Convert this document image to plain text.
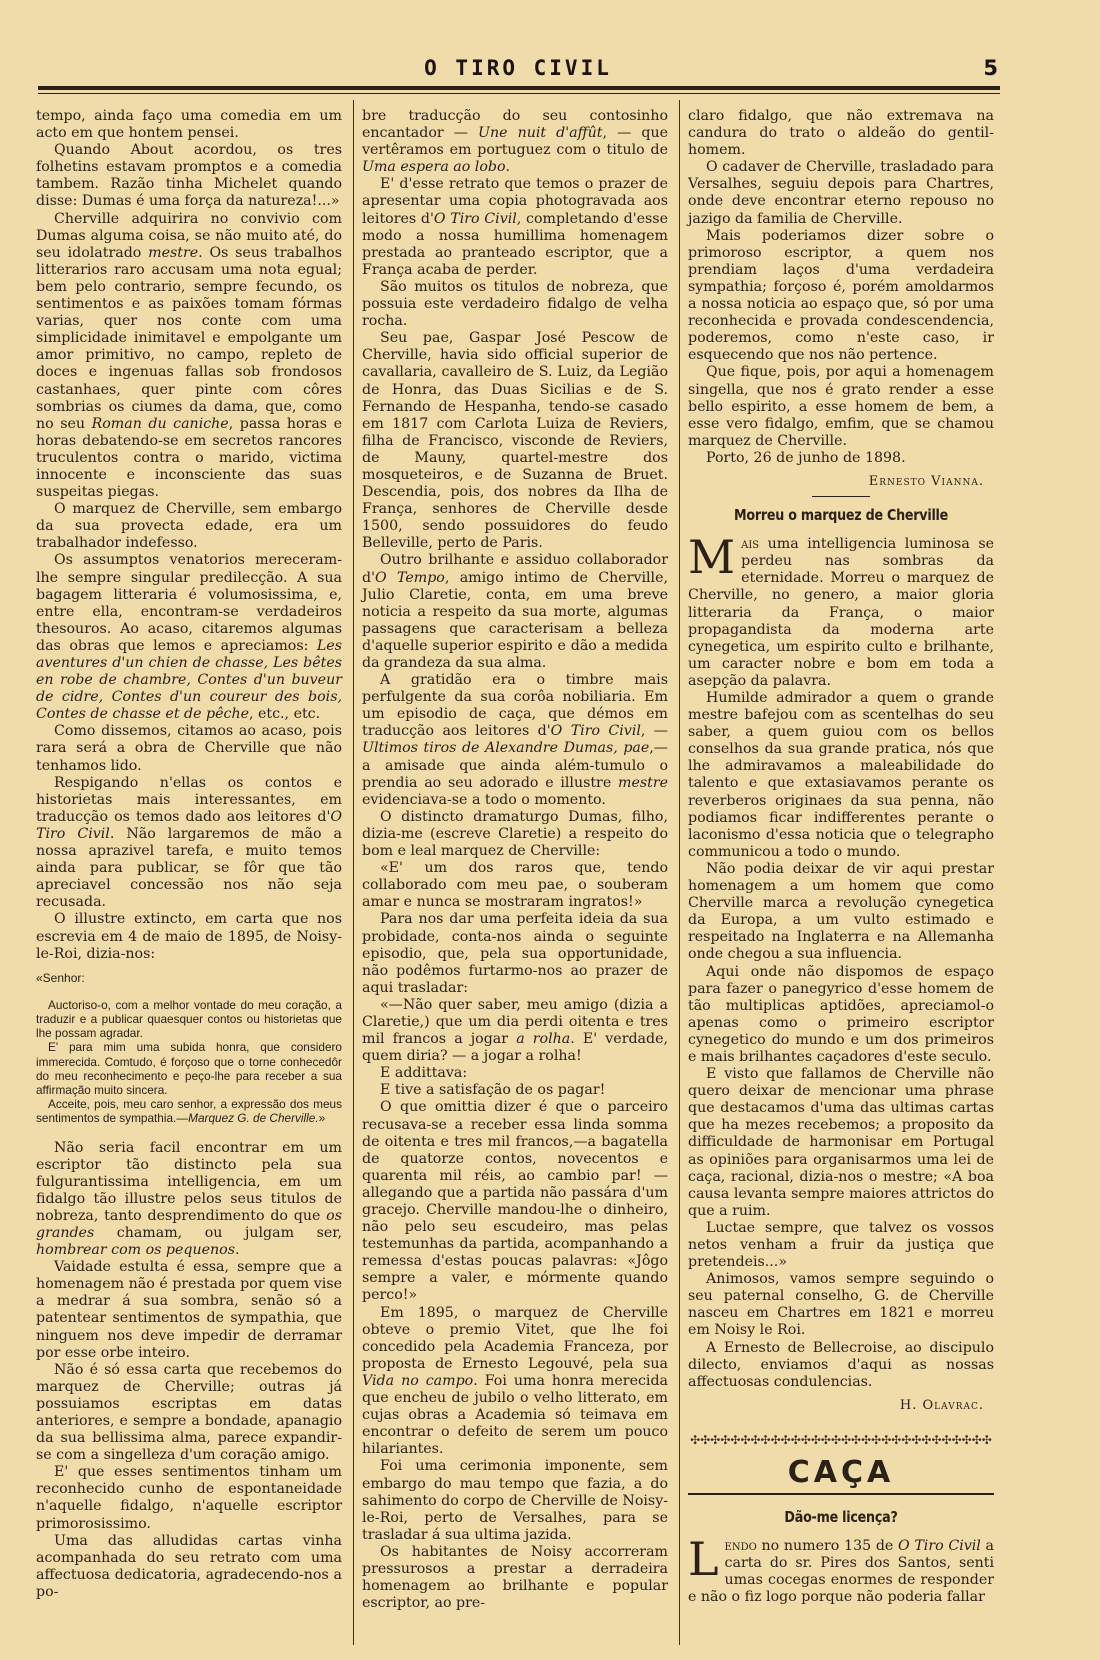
O TIRO CIVIL	5

tempo, ainda faço uma comedia em um acto em que hontem pensei.

Quando About acordou, os tres folhetins estavam promptos e a comedia tambem. Razão tinha Michelet quando disse: Dumas é uma força da natureza!...»

Cherville adquirira no convivio com Dumas alguma coisa, se não muito até, do seu idolatrado mestre. Os seus trabalhos litterarios raro accusam uma nota egual; bem pelo contrario, sempre fecundo, os sentimentos e as paixões tomam fórmas varias, quer nos conte com uma simplicidade inimitavel e empolgante um amor primitivo, no campo, repleto de doces e ingenuas fallas sob frondosos castanhaes, quer pinte com côres sombrias os ciumes da dama, que, como no seu Roman du caniche, passa horas e horas debatendo-se em secretos rancores truculentos contra o marido, victima innocente e inconsciente das suas suspeitas piegas.

O marquez de Cherville, sem embargo da sua provecta edade, era um trabalhador indefesso.

Os assumptos venatorios mereceram-lhe sempre singular predilecção. A sua bagagem litteraria é volumosissima, e, entre ella, encontram-se verdadeiros thesouros. Ao acaso, citaremos algumas das obras que lemos e apreciamos: Les aventures d'un chien de chasse, Les bêtes en robe de chambre, Contes d'un buveur de cidre, Contes d'un coureur des bois, Contes de chasse et de pêche, etc., etc.

Como dissemos, citamos ao acaso, pois rara será a obra de Cherville que não tenhamos lido.

Respigando n'ellas os contos e historietas mais interessantes, em traducção os temos dado aos leitores d'O Tiro Civil. Não largaremos de mão a nossa aprazivel tarefa, e muito temos ainda para publicar, se fôr que tão apreciavel concessão nos não seja recusada.

O illustre extincto, em carta que nos escrevia em 4 de maio de 1895, de Noisy-le-Roi, dizia-nos:

«Senhor:

Auctoriso-o, com a melhor vontade do meu coração, a traduzir e a publicar quaesquer contos ou historietas que lhe possam agradar.

E' para mim uma subida honra, que considero immerecida. Comtudo, é forçoso que o torne conhecedôr do meu reconhecimento e peço-lhe para receber a sua affirmação muito sincera.

Acceite, pois, meu caro senhor, a expressão dos meus sentimentos de sympathia.—Marquez G. de Cherville.»

Não seria facil encontrar em um escriptor tão distincto pela sua fulgurantissima intelligencia, em um fidalgo tão illustre pelos seus titulos de nobreza, tanto desprendimento do que os grandes chamam, ou julgam ser, hombrear com os pequenos.

Vaidade estulta é essa, sempre que a homenagem não é prestada por quem vise a medrar á sua sombra, senão só a patentear sentimentos de sympathia, que ninguem nos deve impedir de derramar por esse orbe inteiro.

Não é só essa carta que recebemos do marquez de Cherville; outras já possuiamos escriptas em datas anteriores, e sempre a bondade, apanagio da sua bellissima alma, parece expandir-se com a singelleza d'um coração amigo.

E' que esses sentimentos tinham um reconhecido cunho de espontaneidade n'aquelle fidalgo, n'aquelle escriptor primorosissimo.

Uma das alludidas cartas vinha acompanhada do seu retrato com uma affectuosa dedicatoria, agradecendo-nos a po-

bre traducção do seu contosinho encantador — Une nuit d'affût, — que vertêramos em portuguez com o titulo de Uma espera ao lobo.

E' d'esse retrato que temos o prazer de apresentar uma copia photogravada aos leitores d'O Tiro Civil, completando d'esse modo a nossa humillima homenagem prestada ao pranteado escriptor, que a França acaba de perder.

São muitos os titulos de nobreza, que possuia este verdadeiro fidalgo de velha rocha.

Seu pae, Gaspar José Pescow de Cherville, havia sido official superior de cavallaria, cavalleiro de S. Luiz, da Legião de Honra, das Duas Sicilias e de S. Fernando de Hespanha, tendo-se casado em 1817 com Carlota Luiza de Reviers, filha de Francisco, visconde de Reviers, de Mauny, quartel-mestre dos mosqueteiros, e de Suzanna de Bruet. Descendia, pois, dos nobres da Ilha de França, senhores de Cherville desde 1500, sendo possuidores do feudo Belleville, perto de Paris.

Outro brilhante e assiduo collaborador d'O Tempo, amigo intimo de Cherville, Julio Claretie, conta, em uma breve noticia a respeito da sua morte, algumas passagens que caracterisam a belleza d'aquelle superior espirito e dão a medida da grandeza da sua alma.

A gratidão era o timbre mais perfulgente da sua corôa nobiliaria. Em um episodio de caça, que démos em traducção aos leitores d'O Tiro Civil, — Ultimos tiros de Alexandre Dumas, pae,—a amisade que ainda além-tumulo o prendia ao seu adorado e illustre mestre evidenciava-se a todo o momento.

O distincto dramaturgo Dumas, filho, dizia-me (escreve Claretie) a respeito do bom e leal marquez de Cherville:

«E' um dos raros que, tendo collaborado com meu pae, o souberam amar e nunca se mostraram ingratos!»

Para nos dar uma perfeita ideia da sua probidade, conta-nos ainda o seguinte episodio, que, pela sua opportunidade, não podêmos furtarmo-nos ao prazer de aqui trasladar:

«—Não quer saber, meu amigo (dizia a Claretie,) que um dia perdi oitenta e tres mil francos a jogar a rolha. E' verdade, quem diria? — a jogar a rolha!

E addittava:

E tive a satisfação de os pagar!

O que omittia dizer é que o parceiro recusava-se a receber essa linda somma de oitenta e tres mil francos,—a bagatella de quatorze contos, novecentos e quarenta mil réis, ao cambio par! — allegando que a partida não passára d'um gracejo. Cherville mandou-lhe o dinheiro, não pelo seu escudeiro, mas pelas testemunhas da partida, acompanhando a remessa d'estas poucas palavras: «Jôgo sempre a valer, e mórmente quando perco!»

Em 1895, o marquez de Cherville obteve o premio Vitet, que lhe foi concedido pela Academia Franceza, por proposta de Ernesto Legouvé, pela sua Vida no campo. Foi uma honra merecida que encheu de jubilo o velho litterato, em cujas obras a Academia só teimava em encontrar o defeito de serem um pouco hilariantes.

Foi uma cerimonia imponente, sem embargo do mau tempo que fazia, a do sahimento do corpo de Cherville de Noisy-le-Roi, perto de Versalhes, para se trasladar á sua ultima jazida.

Os habitantes de Noisy accorreram pressurosos a prestar a derradeira homenagem ao brilhante e popular escriptor, ao pre-

claro fidalgo, que não extremava na candura do trato o aldeão do gentil-homem.

O cadaver de Cherville, trasladado para Versalhes, seguiu depois para Chartres, onde deve encontrar eterno repouso no jazigo da familia de Cherville.

Mais poderiamos dizer sobre o primoroso escriptor, a quem nos prendiam laços d'uma verdadeira sympathia; forçoso é, porém amoldarmos a nossa noticia ao espaço que, só por uma reconhecida e provada condescendencia, poderemos, como n'este caso, ir esquecendo que nos não pertence.

Que fique, pois, por aqui a homenagem singella, que nos é grato render a esse bello espirito, a esse homem de bem, a esse vero fidalgo, emfim, que se chamou marquez de Cherville.

Porto, 26 de junho de 1898.

Ernesto Vianna.

Morreu o marquez de Cherville

Mais uma intelligencia luminosa se perdeu nas sombras da eternidade. Morreu o marquez de Cherville, no genero, a maior gloria litteraria da França, o maior propagandista da moderna arte cynegetica, um espirito culto e brilhante, um caracter nobre e bom em toda a asepção da palavra.

Humilde admirador a quem o grande mestre bafejou com as scentelhas do seu saber, a quem guiou com os bellos conselhos da sua grande pratica, nós que lhe admiravamos a maleabilidade do talento e que extasiavamos perante os reverberos originaes da sua penna, não podiamos ficar indifferentes perante o laconismo d'essa noticia que o telegrapho communicou a todo o mundo.

Não podia deixar de vir aqui prestar homenagem a um homem que como Cherville marca a revolução cynegetica da Europa, a um vulto estimado e respeitado na Inglaterra e na Allemanha onde chegou a sua influencia.

Aqui onde não dispomos de espaço para fazer o panegyrico d'esse homem de tão multiplicas aptidões, apreciamol-o apenas como o primeiro escriptor cynegetico do mundo e um dos primeiros e mais brilhantes caçadores d'este seculo.

E visto que fallamos de Cherville não quero deixar de mencionar uma phrase que destacamos d'uma das ultimas cartas que ha mezes recebemos; a proposito da difficuldade de harmonisar em Portugal as opiniões para organisarmos uma lei de caça, racional, dizia-nos o mestre; «A boa causa levanta sempre maiores attrictos do que a ruim.

Luctae sempre, que talvez os vossos netos venham a fruir da justiça que pretendeis...»

Animosos, vamos sempre seguindo o seu paternal conselho, G. de Cherville nasceu em Chartres em 1821 e morreu em Noisy le Roi.

A Ernesto de Bellecroise, ao discipulo dilecto, enviamos d'aqui as nossas affectuosas condulencias.

H. Olavrac.

✣✣✣✣✣✣✣✣✣✣✣✣✣✣✣✣✣✣✣✣✣✣✣✣✣✣✣✣✣✣
CAÇA
Dão-me licença?

Lendo no numero 135 de O Tiro Civil a carta do sr. Pires dos Santos, senti umas cocegas enormes de responder e não o fiz logo porque não poderia fallar
